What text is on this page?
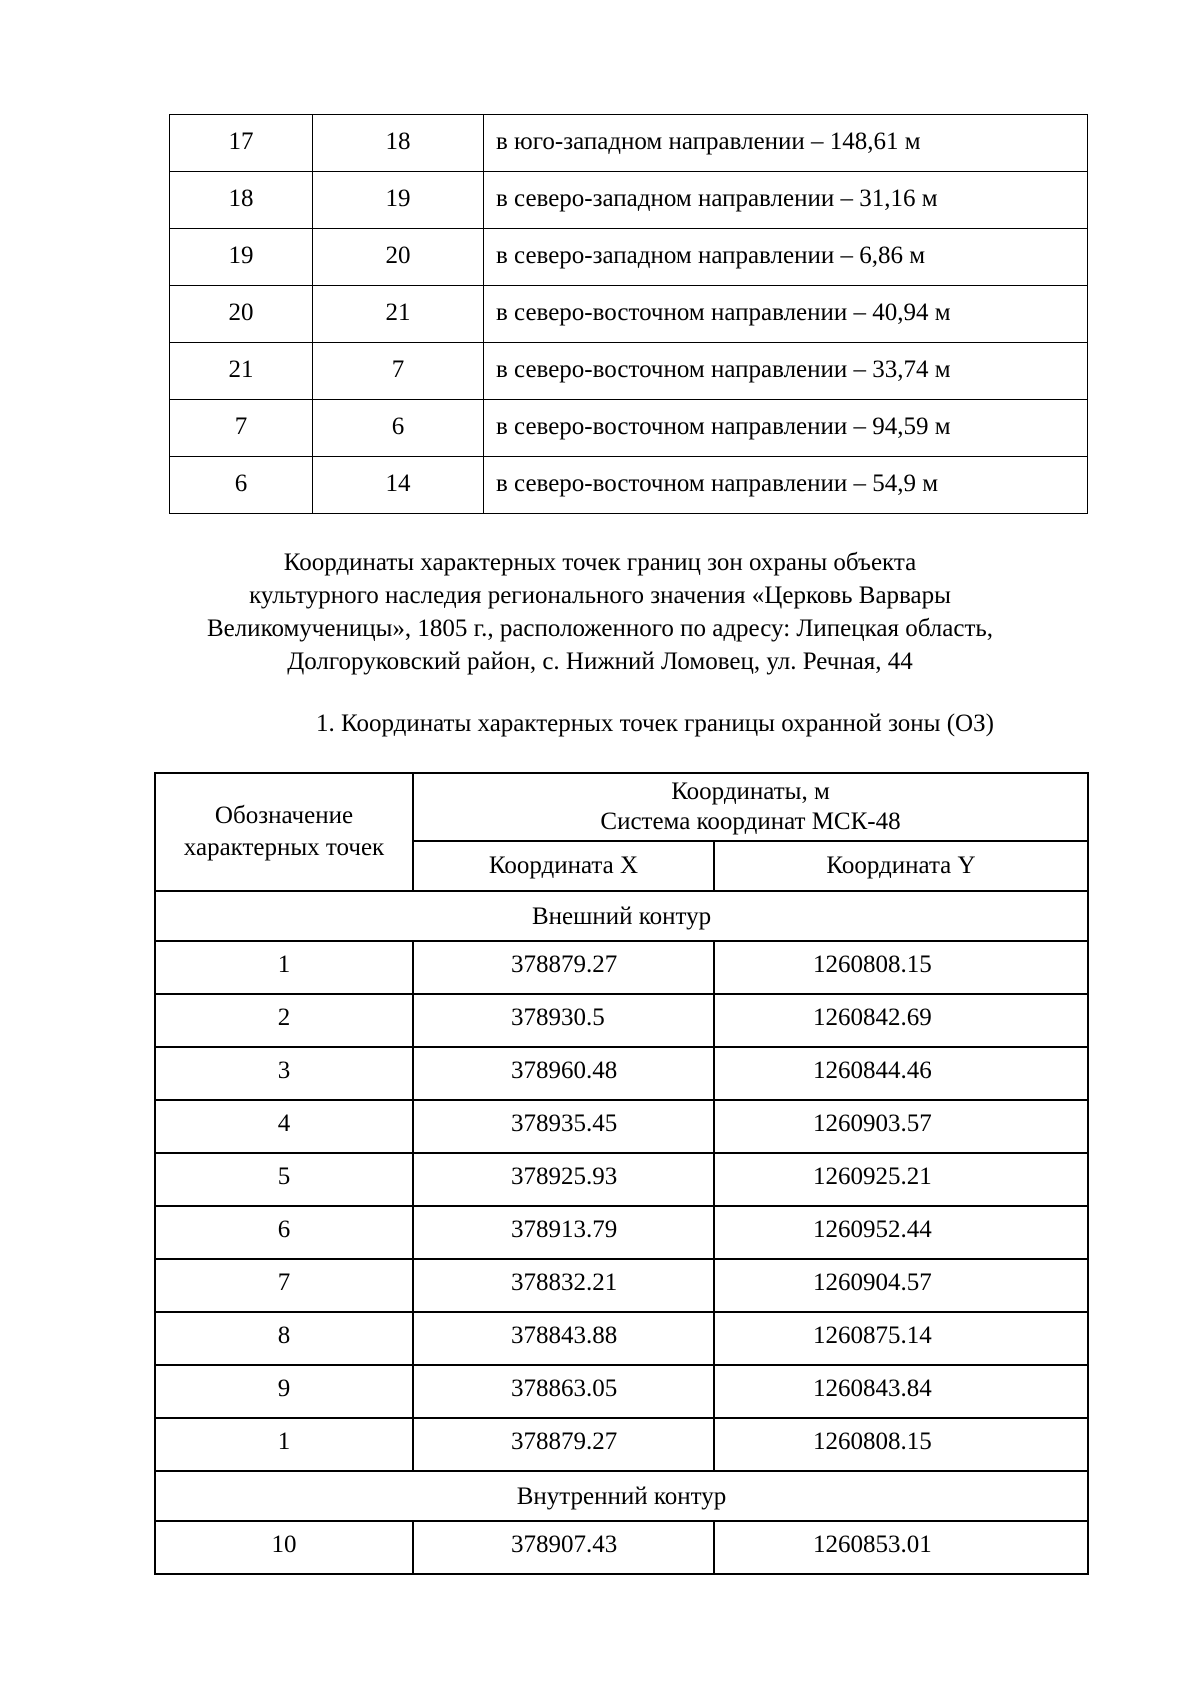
17	18	в юго-западном направлении – 148,61 м

18	19	в северо-западном направлении – 31,16 м

19	20	в северо-западном направлении – 6,86 м

20	21	в северо-восточном направлении – 40,94 м

21	7	в северо-восточном направлении – 33,74 м

7	6	в северо-восточном направлении – 94,59 м

6	14	в северо-восточном направлении – 54,9 м
Координаты характерных точек границ зон охраны объекта
культурного наследия регионального значения «Церковь Варвары
Великомученицы», 1805 г., расположенного по адресу: Липецкая область,
Долгоруковский район, с. Нижний Ломовец, ул. Речная, 44
1. Координаты характерных точек границы охранной зоны (ОЗ)
Обозначение
характерных точек	Координаты, м
Система координат МСК-48	
	Координата X	Координата Y
Внешний контур		

1	378879.27	1260808.15

2	378930.5	1260842.69

3	378960.48	1260844.46

4	378935.45	1260903.57

5	378925.93	1260925.21

6	378913.79	1260952.44

7	378832.21	1260904.57

8	378843.88	1260875.14

9	378863.05	1260843.84

1	378879.27	1260808.15

Внутренний контур		

10	378907.43	1260853.01
